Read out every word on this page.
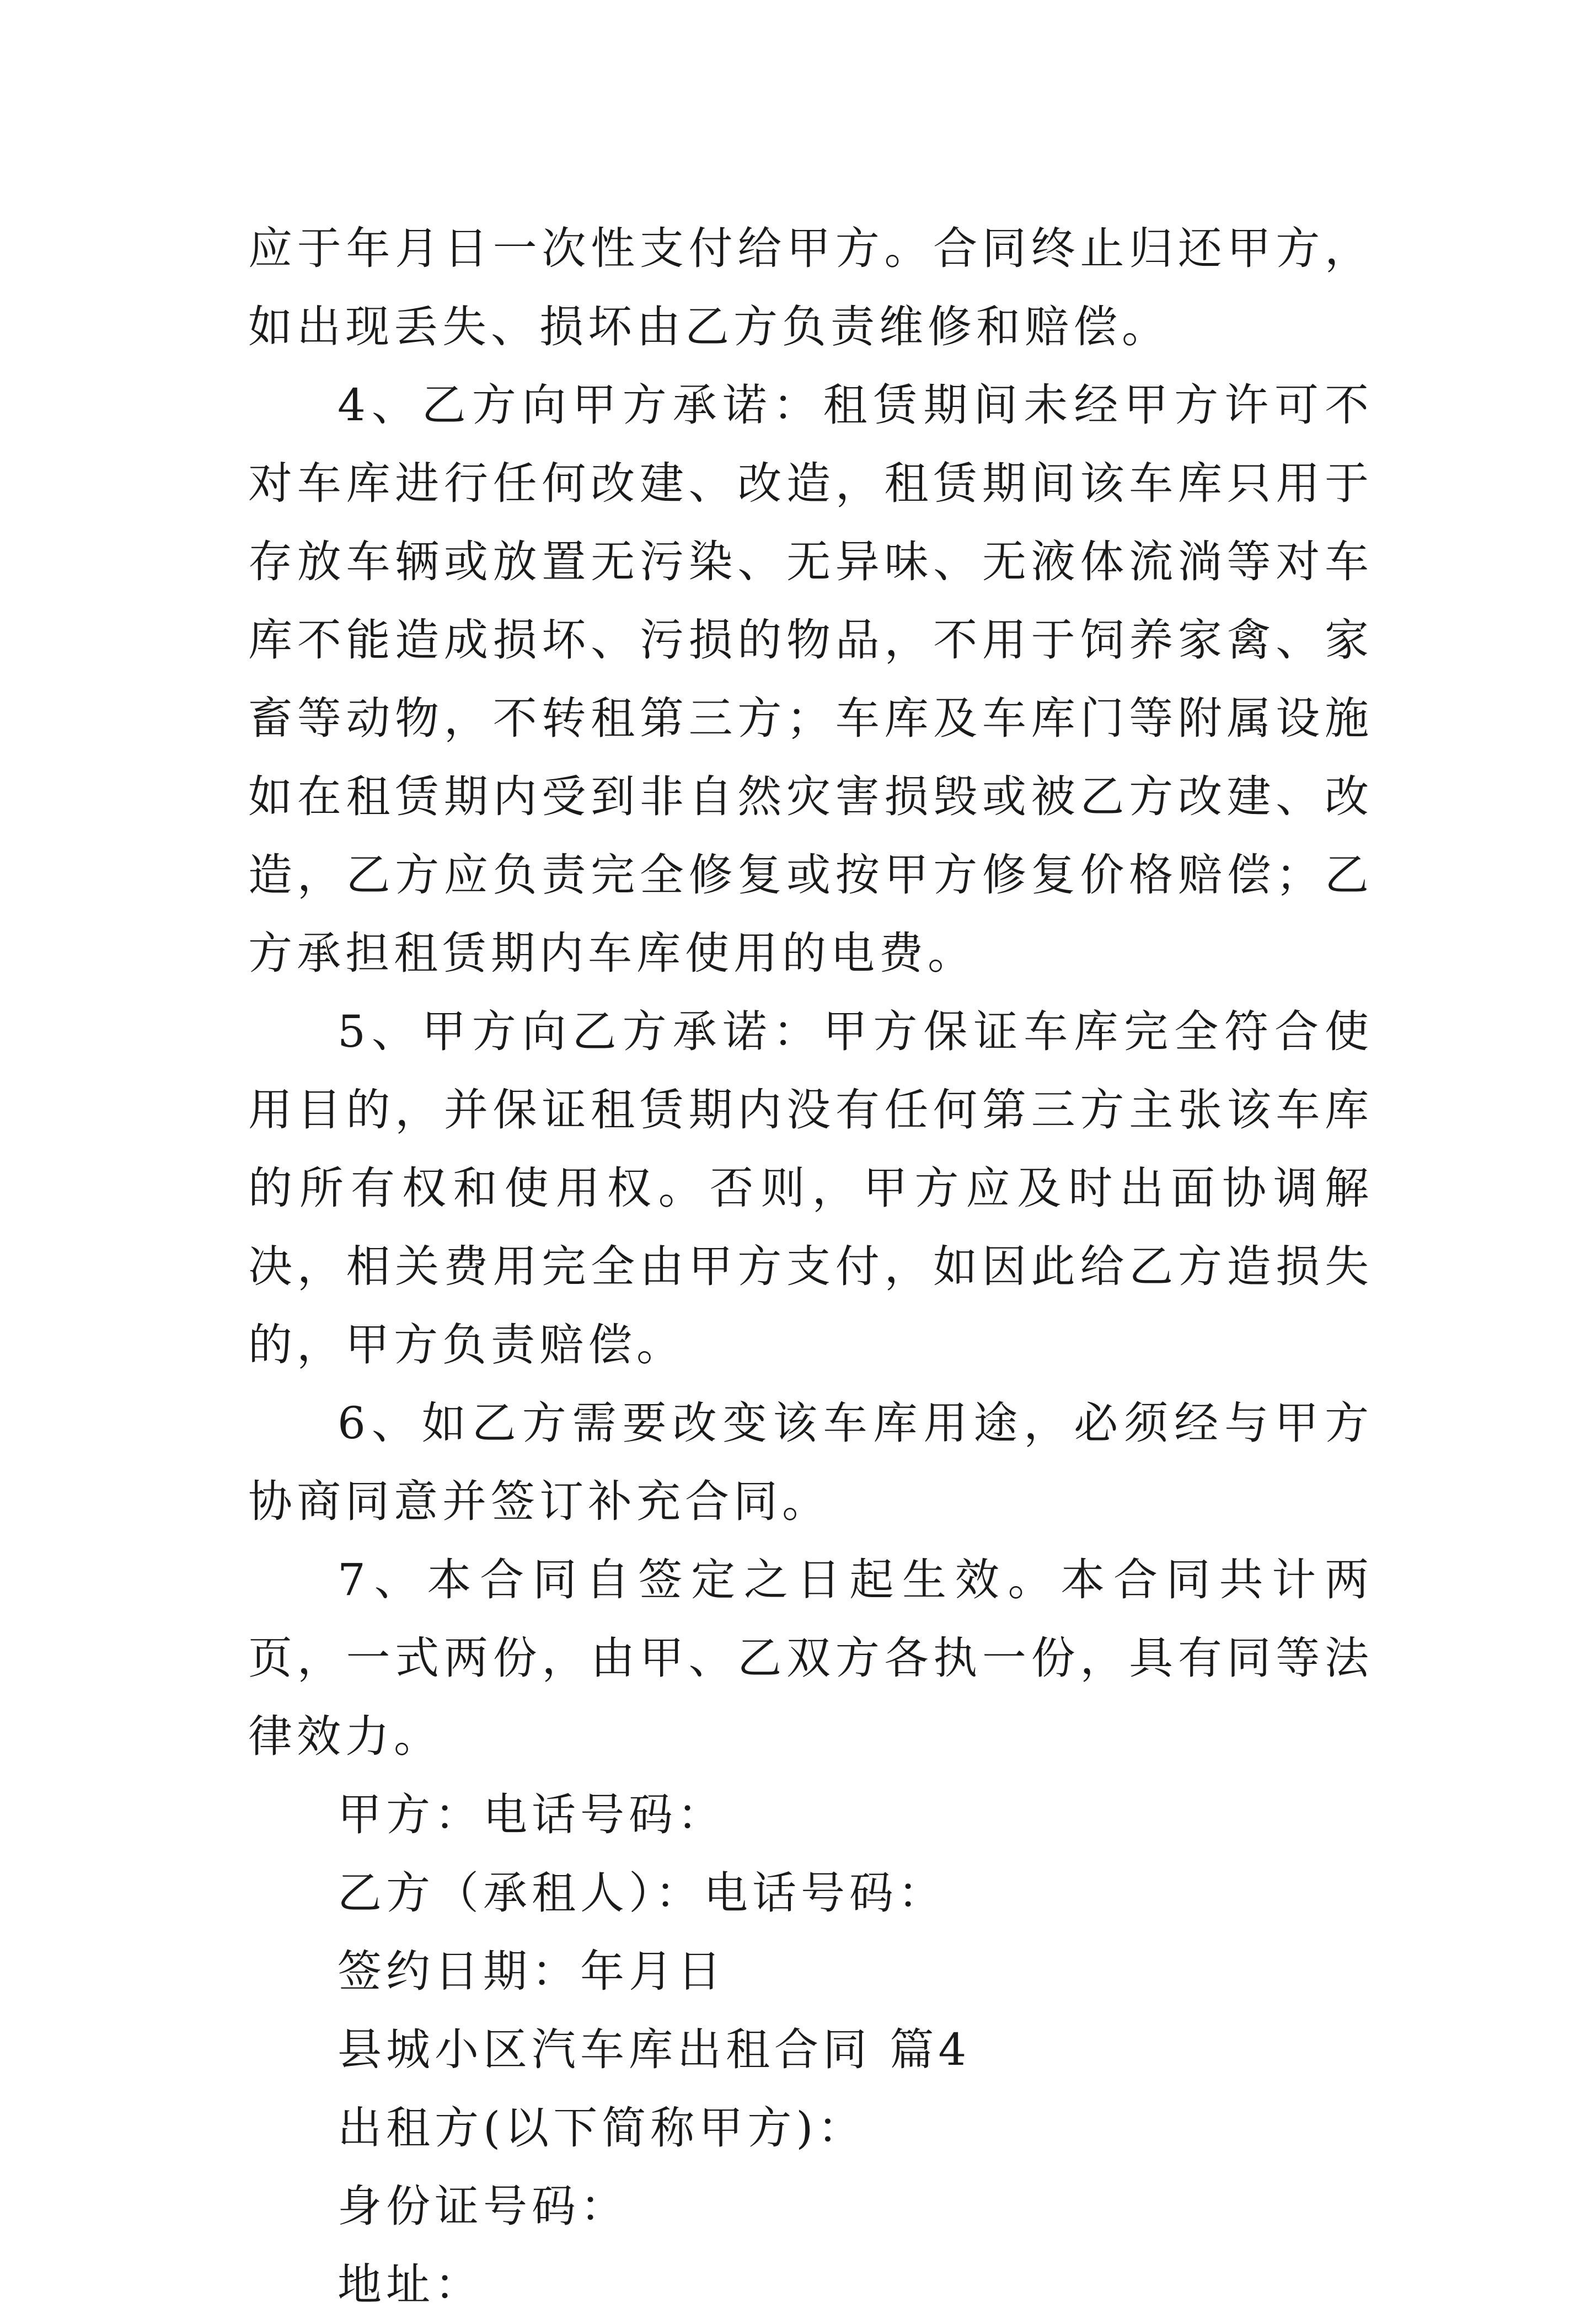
应于年月日一次性支付给甲方。合同终止归还甲方，如出现丢失、损坏由乙方负责维修和赔偿。

4、乙方向甲方承诺：租赁期间未经甲方许可不对车库进行任何改建、改造，租赁期间该车库只用于存放车辆或放置无污染、无异味、无液体流淌等对车库不能造成损坏、污损的物品，不用于饲养家禽、家畜等动物，不转租第三方；车库及车库门等附属设施如在租赁期内受到非自然灾害损毁或被乙方改建、改造，乙方应负责完全修复或按甲方修复价格赔偿；乙方承担租赁期内车库使用的电费。

5、甲方向乙方承诺：甲方保证车库完全符合使用目的，并保证租赁期内没有任何第三方主张该车库的所有权和使用权。否则，甲方应及时出面协调解决，相关费用完全由甲方支付，如因此给乙方造损失的，甲方负责赔偿。

6、如乙方需要改变该车库用途，必须经与甲方协商同意并签订补充合同。

7、本合同自签定之日起生效。本合同共计两页，一式两份，由甲、乙双方各执一份，具有同等法律效力。

甲方：电话号码：

乙方（承租人）：电话号码：

签约日期：年月日

县城小区汽车库出租合同 篇4

出租方(以下简称甲方)：

身份证号码：

地址：
